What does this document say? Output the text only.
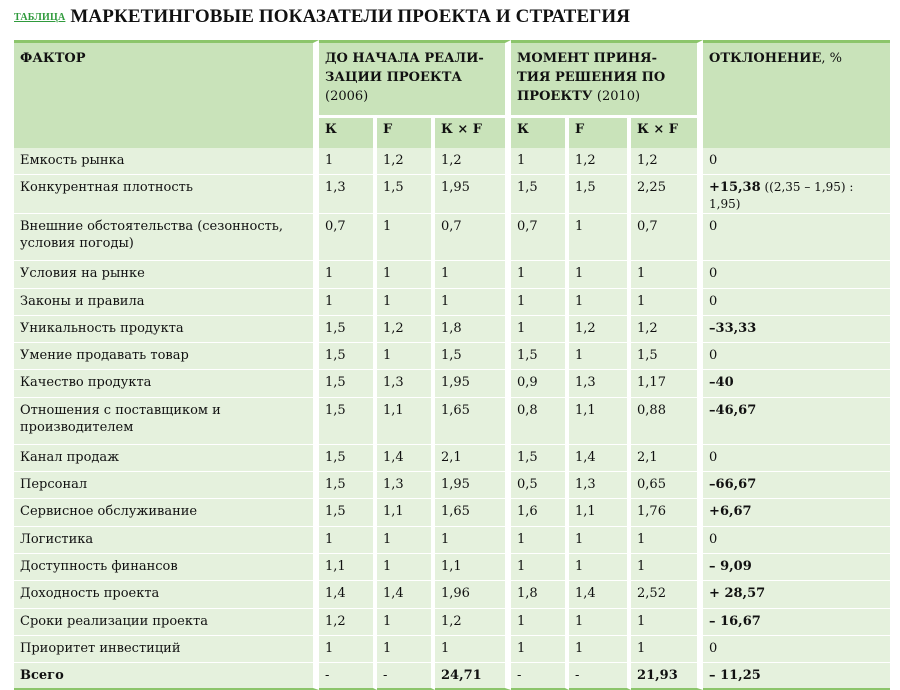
ТАБЛИЦА МАРКЕТИНГОВЫЕ ПОКАЗАТЕЛИ ПРОЕКТА И СТРАТЕГИЯ
ФАКТОР	ДО НАЧАЛА РЕАЛИ-
ЗАЦИИ ПРОЕКТА
(2006)			МОМЕНТ ПРИНЯ-
ТИЯ РЕШЕНИЯ ПО
ПРОЕКТУ (2010)			ОТКЛОНЕНИЕ, %
	К	F	К × F	К	F	К × F	
Емкость рынка	1	1,2	1,2	1	1,2	1,2	0
Конкурентная плотность	1,3	1,5	1,95	1,5	1,5	2,25	+15,38 ((2,35 – 1,95) : 1,95)
Внешние обстоятельства (сезонность, условия погоды)	0,7	1	0,7	0,7	1	0,7	0
Условия на рынке	1	1	1	1	1	1	0
Законы и правила	1	1	1	1	1	1	0
Уникальность продукта	1,5	1,2	1,8	1	1,2	1,2	–33,33
Умение продавать товар	1,5	1	1,5	1,5	1	1,5	0
Качество продукта	1,5	1,3	1,95	0,9	1,3	1,17	–40
Отношения с поставщиком и производителем	1,5	1,1	1,65	0,8	1,1	0,88	–46,67
Канал продаж	1,5	1,4	2,1	1,5	1,4	2,1	0
Персонал	1,5	1,3	1,95	0,5	1,3	0,65	–66,67
Сервисное обслуживание	1,5	1,1	1,65	1,6	1,1	1,76	+6,67
Логистика	1	1	1	1	1	1	0
Доступность финансов	1,1	1	1,1	1	1	1	– 9,09
Доходность проекта	1,4	1,4	1,96	1,8	1,4	2,52	+ 28,57
Сроки реализации проекта	1,2	1	1,2	1	1	1	– 16,67
Приоритет инвестиций	1	1	1	1	1	1	0
Всего	-	-	24,71	-	-	21,93	– 11,25
